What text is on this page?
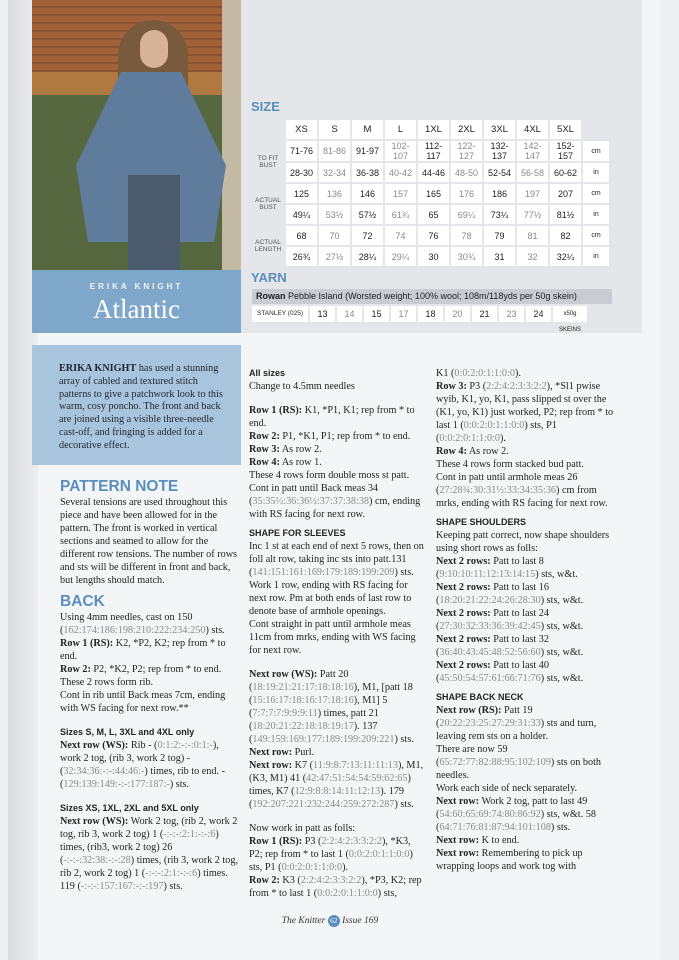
ERIKA KNIGHT
Atlantic
SIZE
	XS	S	M	L	1XL	2XL	3XL	4XL	5XL	
TO FIT BUST	71-76	81-86	91-97	102-107	112-117	122-127	132-137	142-147	152-157	cm
	28-30	32-34	36-38	40-42	44-46	48-50	52-54	56-58	60-62	in
ACTUAL BUST	125	136	146	157	165	176	186	197	207	cm
	49¼	53½	57½	61¾	65	69¼	73¼	77½	81½	in
ACTUAL LENGTH	68	70	72	74	76	78	79	81	82	cm
	26¾	27½	28¼	29¼	30	30¾	31	32	32¼	in
YARN
Rowan Pebble Island (Worsted weight; 100% wool; 108m/118yds per 50g skein)
STANLEY (025)	13	14	15	17	18	20	21	23	24	x50g SKEINS
ERIKA KNIGHT has used a stunning array of cabled and textured stitch patterns to give a patchwork look to this warm, cosy poncho. The front and back are joined using a visible three-needle cast-off, and fringing is added for a decorative effect.
PATTERN NOTE

Several tensions are used throughout this piece and have been allowed for in the pattern. The front is worked in vertical sections and seamed to allow for the different row tensions. The number of rows and sts will be different in front and back, but lengths should match.

BACK

Using 4mm needles, cast on 150 (162:174:186:198:210:222:234:250) sts.

Row 1 (RS): K2, *P2, K2; rep from * to end.

Row 2: P2, *K2, P2; rep from * to end.

These 2 rows form rib.

Cont in rib until Back meas 7cm, ending with WS facing for next row.**

Sizes S, M, L, 3XL and 4XL only

Next row (WS): Rib - (0:1:2:-:-:0:1:-), work 2 tog, (rib 3, work 2 tog) - (32:34:36:-:-:44:46:-) times, rib to end. - (129:139:149:-:-:177:187:-) sts.

Sizes XS, 1XL, 2XL and 5XL only

Next row (WS): Work 2 tog, (rib 2, work 2 tog, rib 3, work 2 tog) 1 (-:-:-:2:1:-:-:6) times, (rib3, work 2 tog) 26 (-:-:-:32:38:-:-:28) times, (rib 3, work 2 tog, rib 2, work 2 tog) 1 (-:-:-:2:1:-:-:6) times. 119 (-:-:-:157:167:-:-:197) sts.

All sizes

Change to 4.5mm needles

Row 1 (RS): K1, *P1, K1; rep from * to end.

Row 2: P1, *K1, P1; rep from * to end.

Row 3: As row 2.

Row 4: As row 1.

These 4 rows form double moss st patt.

Cont in patt until Back meas 34 (35:35½:36:36½:37:37:38:38) cm, ending with RS facing for next row.

SHAPE FOR SLEEVES

Inc 1 st at each end of next 5 rows, then on foll alt row, taking inc sts into patt.131 (141:151:161:169:179:189:199:209) sts.

Work 1 row, ending with RS facing for next row. Pm at both ends of last row to denote base of armhole openings.

Cont straight in patt until armhole meas 11cm from mrks, ending with WS facing for next row.

Next row (WS): Patt 20 (18:19:21:21:17:18:18:16), M1, [patt 18 (15:16:17:18:16:17:18:16), M1] 5 (7:7:7:7:9:9:9:11) times, patt 21 (18:20:21:22:18:18:19:17). 137 (149:159:169:177:189:199:209:221) sts.

Next row: Purl.

Next row: K7 (11:9:8:7:13:11:11:13), M1, (K3, M1) 41 (42:47:51:54:54:59:62:65) times, K7 (12:9:8:8:14:11:12:13). 179 (192:207:221:232:244:259:272:287) sts.

Now work in patt as folls:

Row 1 (RS): P3 (2:2:4:2:3:3:2:2), *K3, P2; rep from * to last 1 (0:0:2:0:1:1:0:0) sts, P1 (0:0:2:0:1:1:0:0).

Row 2: K3 (2:2:4:2:3:3:2:2), *P3, K2; rep from * to last 1 (0:0:2:0:1:1:0:0) sts,

K1 (0:0:2:0:1:1:0:0).

Row 3: P3 (2:2:4:2:3:3:2:2), *Sl1 pwise wyib, K1, yo, K1, pass slipped st over the (K1, yo, K1) just worked, P2; rep from * to last 1 (0:0:2:0:1:1:0:0) sts, P1 (0:0:2:0:1:1:0:0).

Row 4: As row 2.

These 4 rows form stacked bud patt.

Cont in patt until armhole meas 26 (27:28¾:30:31½:33:34:35:36) cm from mrks, ending with RS facing for next row.

SHAPE SHOULDERS

Keeping patt correct, now shape shoulders using short rows as folls:

Next 2 rows: Patt to last 8 (9:10:10:11:12:13:14:15) sts, w&t.

Next 2 rows: Patt to last 16 (18:20:21:22:24:26:28:30) sts, w&t.

Next 2 rows: Patt to last 24 (27:30:32:33:36:39:42:45) sts, w&t.

Next 2 rows: Patt to last 32 (36:40:43:45:48:52:56:60) sts, w&t.

Next 2 rows: Patt to last 40 (45:50:54:57:61:66:71:76) sts, w&t.

SHAPE BACK NECK

Next row (RS): Patt 19 (20:22:23:25:27:29:31:33) sts and turn, leaving rem sts on a holder.

There are now 59 (65:72:77:82:88:95:102:109) sts on both needles.

Work each side of neck separately.

Next row: Work 2 tog, patt to last 49 (54:60:65:69:74:80:86:92) sts, w&t. 58 (64:71:76:81:87:94:101:108) sts.

Next row: K to end.

Next row: Remembering to pick up wrapping loops and work tog with

The Knitter 62 Issue 169
